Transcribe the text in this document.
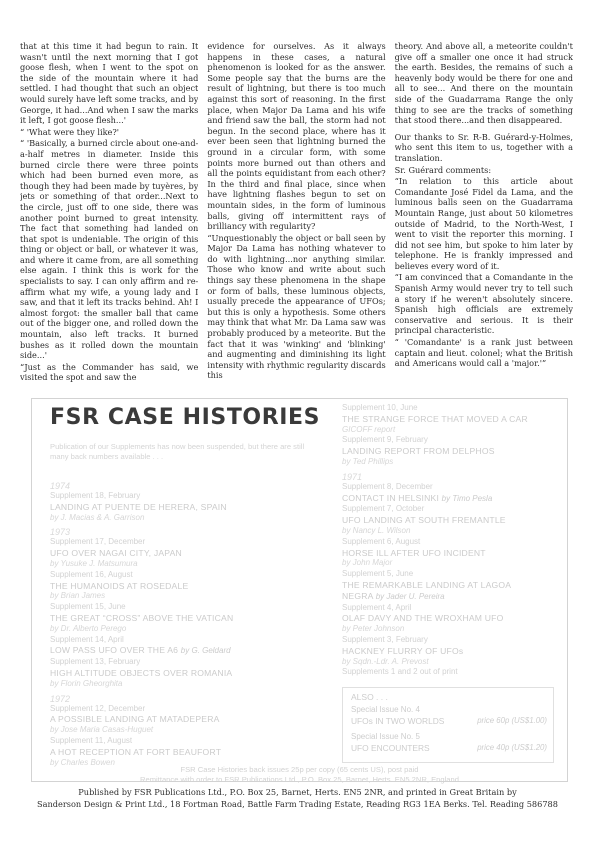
that at this time it had begun to rain. It wasn't until the next morning that I got goose flesh, when I went to the spot on the side of the mountain where it had settled. I had thought that such an object would surely have left some tracks, and by George, it had...And when I saw the marks it left, I got goose flesh...'

“ 'What were they like?'

“ 'Basically, a burned circle about one-and-a-half metres in diameter. Inside this burned circle there were three points which had been burned even more, as though they had been made by tuyères, by jets or something of that order...Next to the circle, just off to one side, there was another point burned to great intensity. The fact that something had landed on that spot is undeniable. The origin of this thing or object or ball, or whatever it was, and where it came from, are all something else again. I think this is work for the specialists to say. I can only affirm and re-affirm what my wife, a young lady and I saw, and that it left its tracks behind. Ah! I almost forgot: the smaller ball that came out of the bigger one, and rolled down the mountain, also left tracks. It burned bushes as it rolled down the mountain side...'

“Just as the Commander has said, we visited the spot and saw the

evidence for ourselves. As it always happens in these cases, a natural phenomenon is looked for as the answer. Some people say that the burns are the result of lightning, but there is too much against this sort of reasoning. In the first place, when Major Da Lama and his wife and friend saw the ball, the storm had not begun. In the second place, where has it ever been seen that lightning burned the ground in a circular form, with some points more burned out than others and all the points equidistant from each other? In the third and final place, since when have lightning flashes begun to set on mountain sides, in the form of luminous balls, giving off intermittent rays of brilliancy with regularity?

“Unquestionably the object or ball seen by Major Da Lama has nothing whatever to do with lightning...nor anything similar. Those who know and write about such things say these phenomena in the shape or form of balls, these luminous objects, usually precede the appearance of UFOs; but this is only a hypothesis. Some others may think that what Mr. Da Lama saw was probably produced by a meteorite. But the fact that it was 'winking' and 'blinking' and augmenting and diminishing its light intensity with rhythmic regularity discards this

theory. And above all, a meteorite couldn't give off a smaller one once it had struck the earth. Besides, the remains of such a heavenly body would be there for one and all to see... And there on the mountain side of the Guadarrama Range the only thing to see are the tracks of something that stood there...and then disappeared.

Our thanks to Sr. R-B. Guérard-y-Holmes, who sent this item to us, together with a translation.

Sr. Guérard comments:

“In relation to this article about Comandante José Fidel da Lama, and the luminous balls seen on the Guadarrama Mountain Range, just about 50 kilometres outside of Madrid, to the North-West, I went to visit the reporter this morning. I did not see him, but spoke to him later by telephone. He is frankly impressed and believes every word of it.

“I am convinced that a Comandante in the Spanish Army would never try to tell such a story if he weren't absolutely sincere. Spanish high officials are extremely conservative and serious. It is their principal characteristic.

“ 'Comandante' is a rank just between captain and lieut. colonel; what the British and Americans would call a 'major.'”

FSR CASE HISTORIES
Publication of our Supplements has now been suspended, but there are still many back numbers available . . .
1974
Supplement 18, February
LANDING AT PUENTE DE HERERA, SPAIN
by J. Macias & A. Garrison
1973
Supplement 17, December
UFO OVER NAGAI CITY, JAPAN
by Yusuke J. Matsumura
Supplement 16, August
THE HUMANOIDS AT ROSEDALE
by Brian James
Supplement 15, June
THE GREAT “CROSS” ABOVE THE VATICAN
by Dr. Alberto Perego
Supplement 14, April
LOW PASS UFO OVER THE A6 by G. Geldard
Supplement 13, February
HIGH ALTITUDE OBJECTS OVER ROMANIA
by Florin Gheorghita
1972
Supplement 12, December
A POSSIBLE LANDING AT MATADEPERA
by Jose Maria Casas-Huguet
Supplement 11, August
A HOT RECEPTION AT FORT BEAUFORT
by Charles Bowen
Supplement 10, June
THE STRANGE FORCE THAT MOVED A CAR
GICOFF report
Supplement 9, February
LANDING REPORT FROM DELPHOS
by Ted Phillips
1971
Supplement 8, December
CONTACT IN HELSINKI by Timo Pesla
Supplement 7, October
UFO LANDING AT SOUTH FREMANTLE
by Nancy L. Wilson
Supplement 6, August
HORSE ILL AFTER UFO INCIDENT
by John Major
Supplement 5, June
THE REMARKABLE LANDING AT LAGOA
NEGRA by Jader U. Pereira
Supplement 4, April
OLAF DAVY AND THE WROXHAM UFO
by Peter Johnson
Supplement 3, February
HACKNEY FLURRY OF UFOs
by Sqdn.-Ldr. A. Prevost
Supplements 1 and 2 out of print
ALSO . . .
Special Issue No. 4
UFOs IN TWO WORLDS	price 60p (US$1.00)
Special Issue No. 5
UFO ENCOUNTERS	price 40p (US$1.20)
FSR Case Histories back issues 25p per copy (65 cents US), post paid
Remittance with order to FSR Publications Ltd., P.O. Box 25, Barnet, Herts. EN5 2NR, England
Published by FSR Publications Ltd., P.O. Box 25, Barnet, Herts. EN5 2NR, and printed in Great Britain by
Sanderson Design & Print Ltd., 18 Fortman Road, Battle Farm Trading Estate, Reading RG3 1EA Berks. Tel. Reading 586788
